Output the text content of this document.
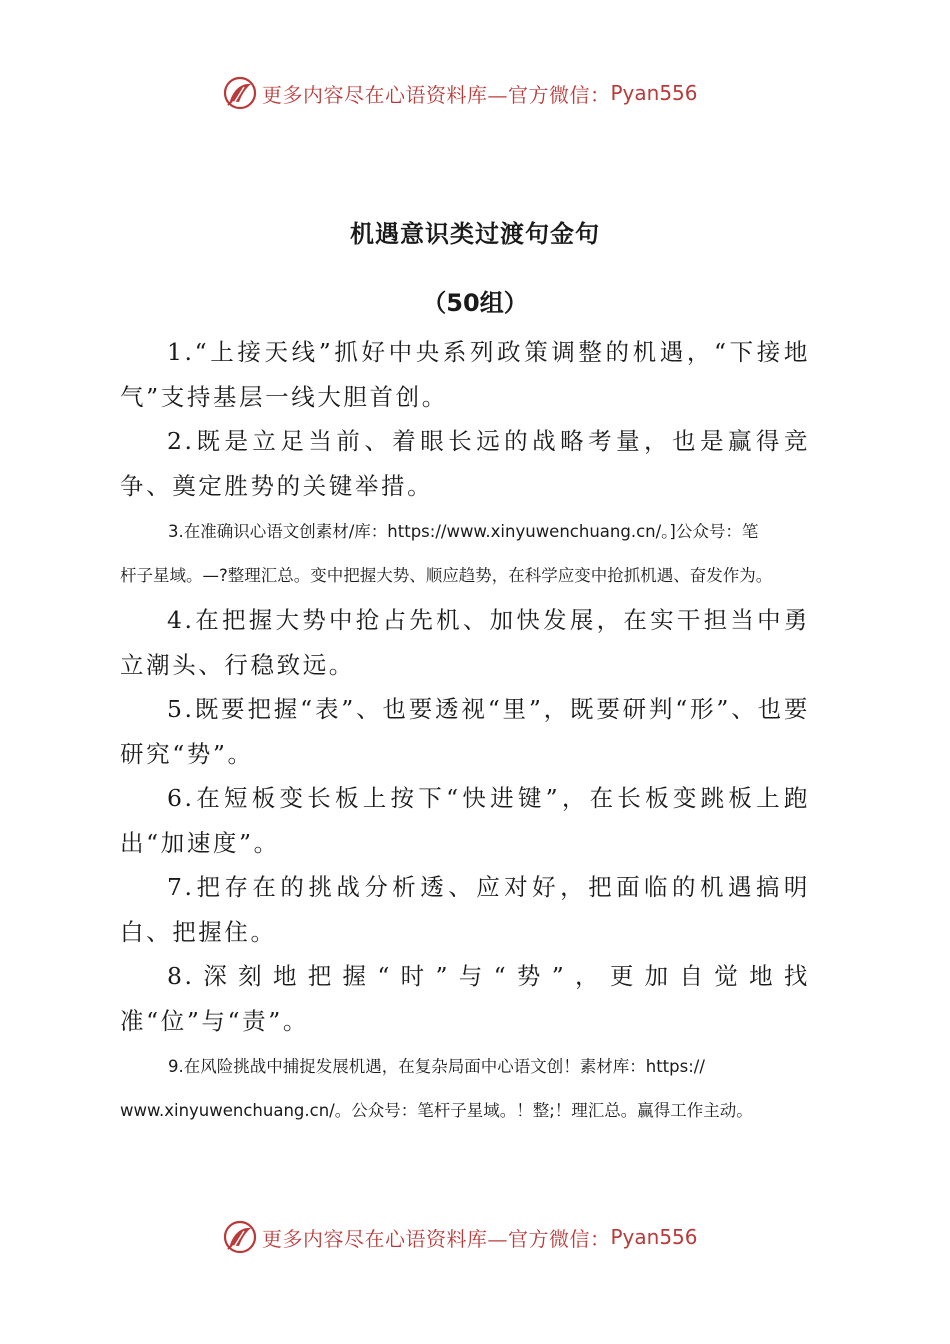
更多内容尽在心语资料库—官方微信： Pyan556
机遇意识类过渡句金句
（50组）

1.“上接天线”抓好中央系列政策调整的机遇，“下接地气”支持基层一线大胆首创。

2.既是立足当前、着眼长远的战略考量，也是赢得竞争、奠定胜势的关键举措。

3.在准确识心语文创素材/库：https://www.xinyuwenchuang.cn/。]公众号：笔
杆子星域。—?整理汇总。变中把握大势、顺应趋势，在科学应变中抢抓机遇、奋发作为。

4.在把握大势中抢占先机、加快发展，在实干担当中勇立潮头、行稳致远。

5.既要把握“表”、也要透视“里”，既要研判“形”、也要研究“势”。

6.在短板变长板上按下“快进键”，在长板变跳板上跑出“加速度”。

7.把存在的挑战分析透、应对好，把面临的机遇搞明白、把握住。

8.深刻地把握“时”与“势”，更加自觉地找准“位”与“责”。

9.在风险挑战中捕捉发展机遇，在复杂局面中心语文创！素材库：https://
www.xinyuwenchuang.cn/。公众号：笔杆子星域。！整;！理汇总。赢得工作主动。
更多内容尽在心语资料库—官方微信： Pyan556
